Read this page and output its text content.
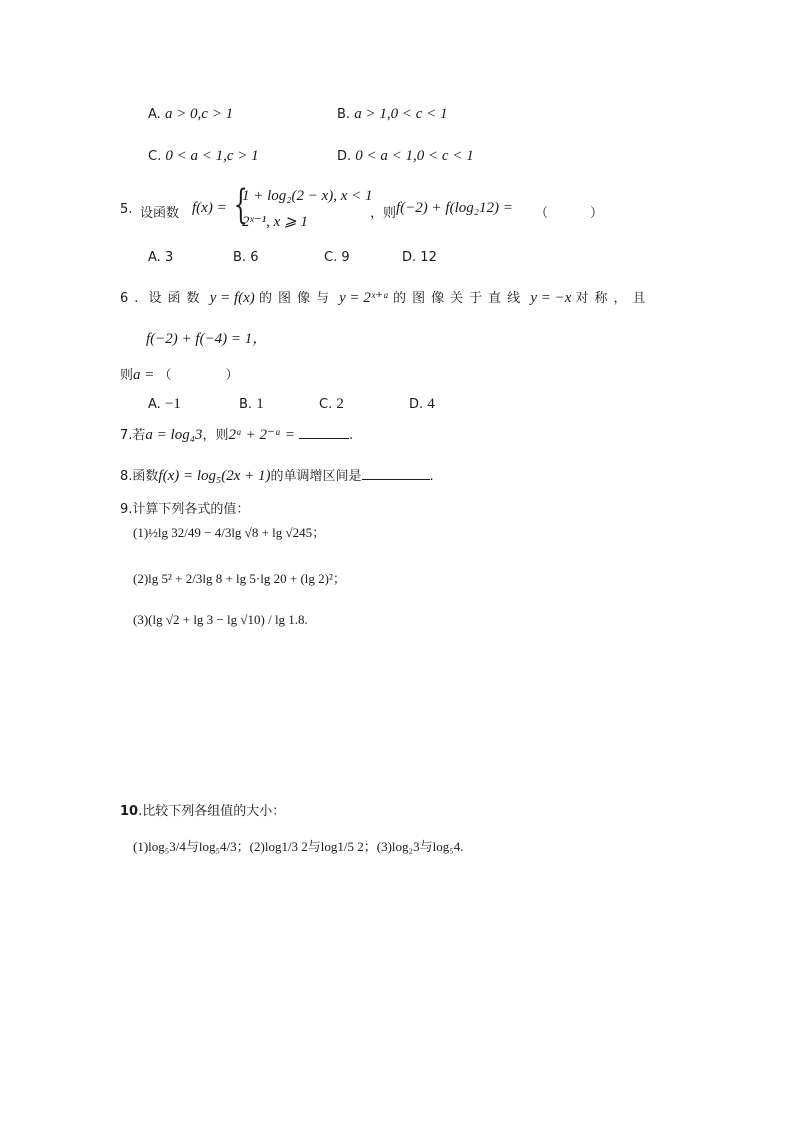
A. a > 0,c > 1	B. a > 1,0 < c < 1
C. 0 < a < 1,c > 1	D. 0 < a < 1,0 < c < 1
5. 设函数 f(x) = {
1 + log₂(2 − x), x < 1
2ˣ⁻¹, x ⩾ 1
，则 f(−2) + f(log₂12) = （	）
A. 3	B. 6	C. 9	D. 12
6. 设函数 y = f(x) 的图像与 y = 2ˣ⁺ᵃ 的图像关于直线 y = −x 对称，且
f(−2) + f(−4) = 1，
则a = （	）
A. −1	B. 1	C. 2	D. 4
7.若a = log₄3，则2ᵃ + 2⁻ᵃ =	.
8.函数f(x) = log₅(2x + 1)的单调增区间是	.
9.计算下列各式的值：
(1)½lg 32/49 − 4/3lg √8 + lg √245；
(2)lg 5² + 2/3lg 8 + lg 5·lg 20 + (lg 2)²；
(3)(lg √2 + lg 3 − lg √10) / lg 1.8.
10.比较下列各组值的大小：
(1)log₅3/4与log₅4/3；(2)log1/3 2与log1/5 2；(3)log₂3与log₅4.
